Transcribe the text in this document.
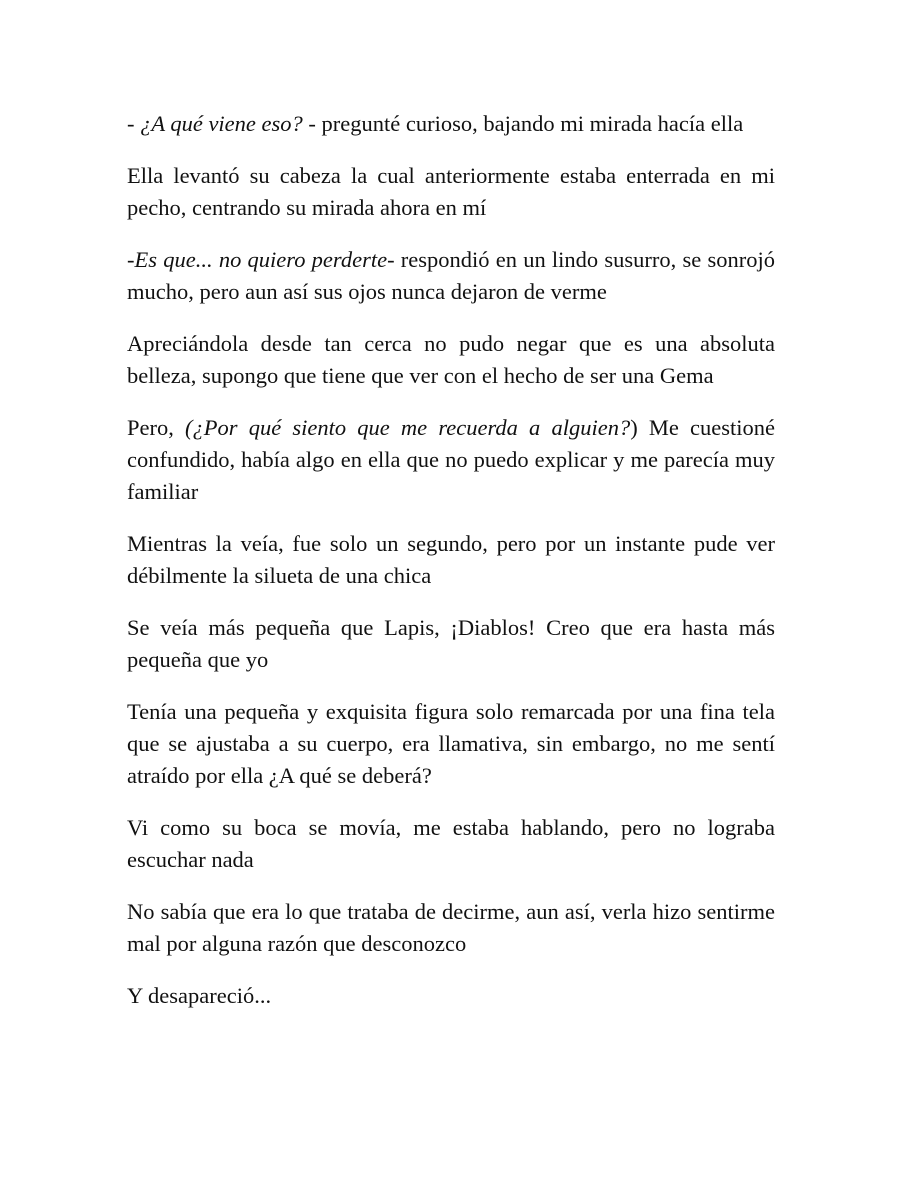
- ¿A qué viene eso? - pregunté curioso, bajando mi mirada hacía ella

Ella levantó su cabeza la cual anteriormente estaba enterrada en mi pecho, centrando su mirada ahora en mí

-Es que... no quiero perderte- respondió en un lindo susurro, se sonrojó mucho, pero aun así sus ojos nunca dejaron de verme

Apreciándola desde tan cerca no pudo negar que es una absoluta belleza, supongo que tiene que ver con el hecho de ser una Gema

Pero, (¿Por qué siento que me recuerda a alguien?) Me cuestioné confundido, había algo en ella que no puedo explicar y me parecía muy familiar

Mientras la veía, fue solo un segundo, pero por un instante pude ver débilmente la silueta de una chica

Se veía más pequeña que Lapis, ¡Diablos! Creo que era hasta más pequeña que yo

Tenía una pequeña y exquisita figura solo remarcada por una fina tela que se ajustaba a su cuerpo, era llamativa, sin embargo, no me sentí atraído por ella ¿A qué se deberá?

Vi como su boca se movía, me estaba hablando, pero no lograba escuchar nada

No sabía que era lo que trataba de decirme, aun así, verla hizo sentirme mal por alguna razón que desconozco

Y desapareció...
